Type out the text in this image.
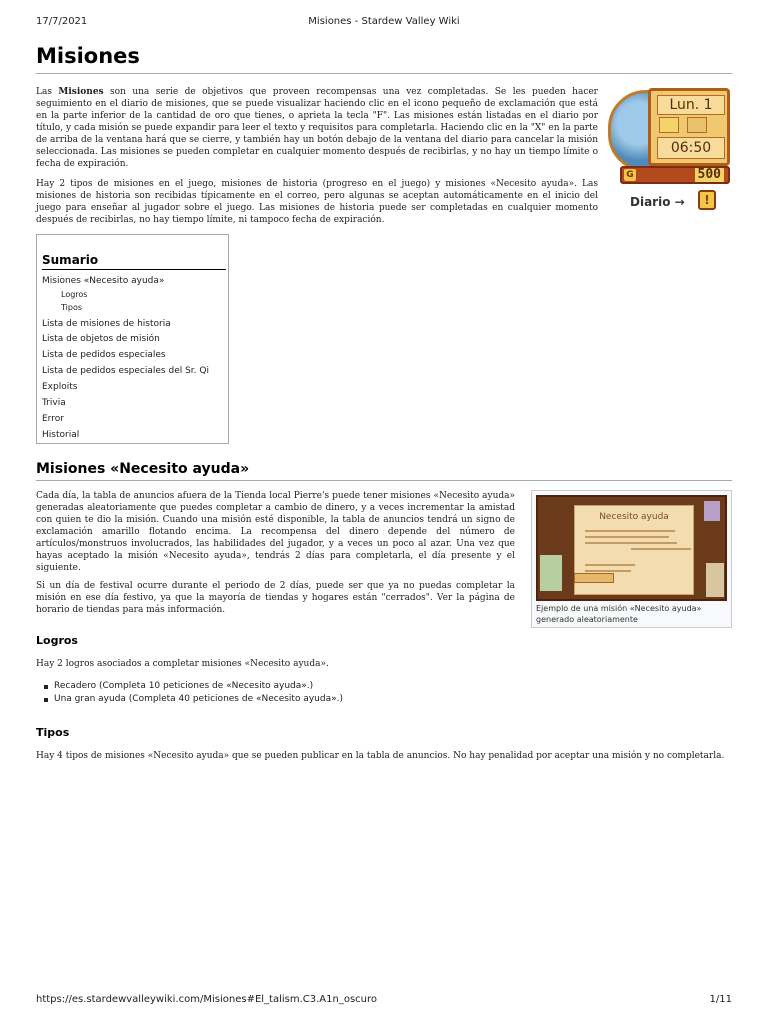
17/7/2021	Misiones - Stardew Valley Wiki
Misiones

Las Misiones son una serie de objetivos que proveen recompensas una vez completadas. Se les pueden hacer seguimiento en el diario de misiones, que se puede visualizar haciendo clic en el icono pequeño de exclamación que está en la parte inferior de la cantidad de oro que tienes, o aprieta la tecla "F". Las misiones están listadas en el diario por título, y cada misión se puede expandir para leer el texto y requisitos para completarla. Haciendo clic en la "X" en la parte de arriba de la ventana hará que se cierre, y también hay un botón debajo de la ventana del diario para cancelar la misión seleccionada. Las misiones se pueden completar en cualquier momento después de recibirlas, y no hay un tiempo límite o fecha de expiración.

Hay 2 tipos de misiones en el juego, misiones de historia (progreso en el juego) y misiones «Necesito ayuda». Las misiones de historia son recibidas típicamente en el correo, pero algunas se aceptan automáticamente en el inicio del juego para enseñar al jugador sobre el juego. Las misiones de historia puede ser completadas en cualquier momento después de recibirlas, no hay tiempo límite, ni tampoco fecha de expiración.

Lun. 1

06:50
G	500
Diario →	!
Sumario
Misiones «Necesito ayuda»
Logros
Tipos
Lista de misiones de historia
Lista de objetos de misión
Lista de pedidos especiales
Lista de pedidos especiales del Sr. Qi
Exploits
Trivia
Error
Historial
Misiones «Necesito ayuda»

Cada día, la tabla de anuncios afuera de la Tienda local Pierre's puede tener misiones «Necesito ayuda» generadas aleatoriamente que puedes completar a cambio de dinero, y a veces incrementar la amistad con quien te dio la misión. Cuando una misión esté disponible, la tabla de anuncios tendrá un signo de exclamación amarillo flotando encima. La recompensa del dinero depende del número de artículos/monstruos involucrados, las habilidades del jugador, y a veces un poco al azar. Una vez que hayas aceptado la misión «Necesito ayuda», tendrás 2 días para completarla, el día presente y el siguiente.

Si un día de festival ocurre durante el periodo de 2 días, puede ser que ya no puedas completar la misión en ese día festivo, ya que la mayoría de tiendas y hogares están "cerrados". Ver la página de horario de tiendas para más información.

Necesito ayuda
Ejemplo de una misión «Necesito ayuda» generado aleatoriamente
Logros

Hay 2 logros asociados a completar misiones «Necesito ayuda».

Recadero (Completa 10 peticiones de «Necesito ayuda».)
Una gran ayuda (Completa 40 peticiones de «Necesito ayuda».)
Tipos

Hay 4 tipos de misiones «Necesito ayuda» que se pueden publicar en la tabla de anuncios. No hay penalidad por aceptar una misión y no completarla.

https://es.stardewvalleywiki.com/Misiones#El_talism.C3.A1n_oscuro	1/11
